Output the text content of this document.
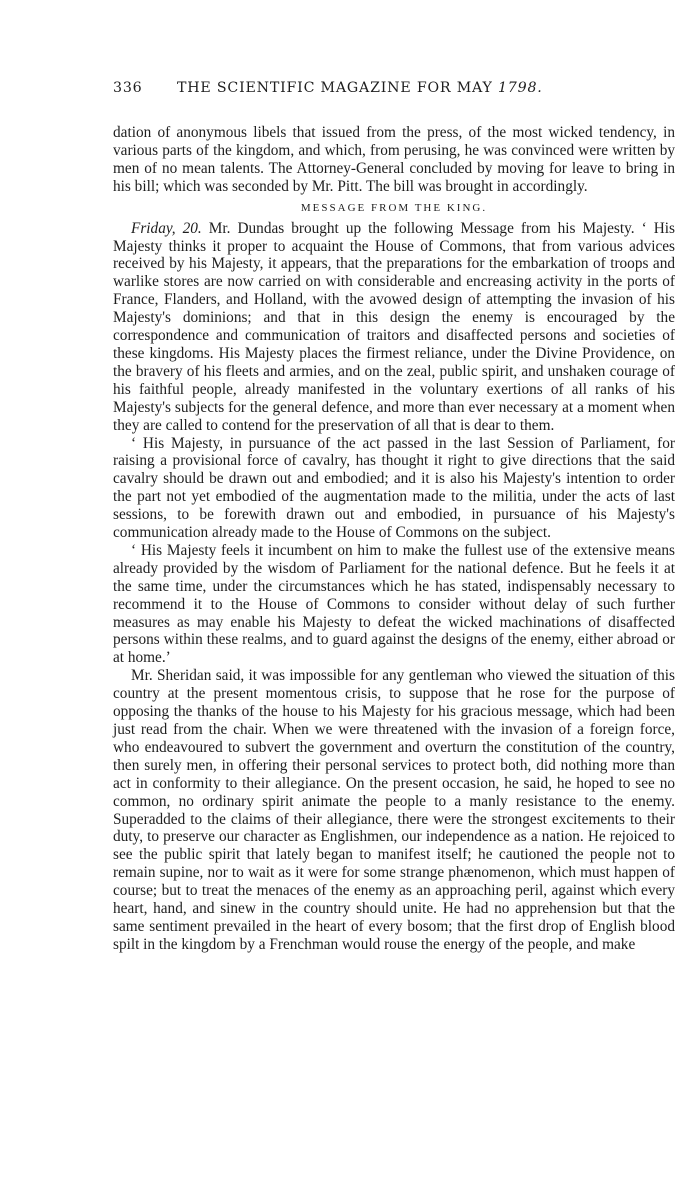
336 THE SCIENTIFIC MAGAZINE FOR MAY 1798.

dation of anonymous libels that issued from the press, of the most wicked tendency, in various parts of the kingdom, and which, from perusing, he was convinced were written by men of no mean talents. The Attorney-General concluded by moving for leave to bring in his bill; which was seconded by Mr. Pitt. The bill was brought in accordingly.

MESSAGE FROM THE KING.

Friday, 20. Mr. Dundas brought up the following Message from his Majesty. ‘ His Majesty thinks it proper to acquaint the House of Commons, that from various advices received by his Majesty, it appears, that the preparations for the embarkation of troops and warlike stores are now carried on with considerable and encreasing activity in the ports of France, Flanders, and Holland, with the avowed design of attempting the invasion of his Majesty's dominions; and that in this design the enemy is encouraged by the correspondence and communication of traitors and disaffected persons and societies of these kingdoms. His Majesty places the firmest reliance, under the Divine Providence, on the bravery of his fleets and armies, and on the zeal, public spirit, and unshaken courage of his faithful people, already manifested in the voluntary exertions of all ranks of his Majesty's subjects for the general defence, and more than ever necessary at a moment when they are called to contend for the preservation of all that is dear to them.

‘ His Majesty, in pursuance of the act passed in the last Session of Parliament, for raising a provisional force of cavalry, has thought it right to give directions that the said cavalry should be drawn out and embodied; and it is also his Majesty's intention to order the part not yet embodied of the augmentation made to the militia, under the acts of last sessions, to be forewith drawn out and embodied, in pursuance of his Majesty's communication already made to the House of Commons on the subject.

‘ His Majesty feels it incumbent on him to make the fullest use of the extensive means already provided by the wisdom of Parliament for the national defence. But he feels it at the same time, under the circumstances which he has stated, indispensably necessary to recommend it to the House of Commons to consider without delay of such further measures as may enable his Majesty to defeat the wicked machinations of disaffected persons within these realms, and to guard against the designs of the enemy, either abroad or at home.’

Mr. Sheridan said, it was impossible for any gentleman who viewed the situation of this country at the present momentous crisis, to suppose that he rose for the purpose of opposing the thanks of the house to his Majesty for his gracious message, which had been just read from the chair. When we were threatened with the invasion of a foreign force, who endeavoured to subvert the government and overturn the constitution of the country, then surely men, in offering their personal services to protect both, did nothing more than act in conformity to their allegiance. On the present occasion, he said, he hoped to see no common, no ordinary spirit animate the people to a manly resistance to the enemy. Superadded to the claims of their allegiance, there were the strongest excitements to their duty, to preserve our character as Englishmen, our independence as a nation. He rejoiced to see the public spirit that lately began to manifest itself; he cautioned the people not to remain supine, nor to wait as it were for some strange phænomenon, which must happen of course; but to treat the menaces of the enemy as an approaching peril, against which every heart, hand, and sinew in the country should unite. He had no apprehension but that the same sentiment prevailed in the heart of every bosom; that the first drop of English blood spilt in the kingdom by a Frenchman would rouse the energy of the people, and make
